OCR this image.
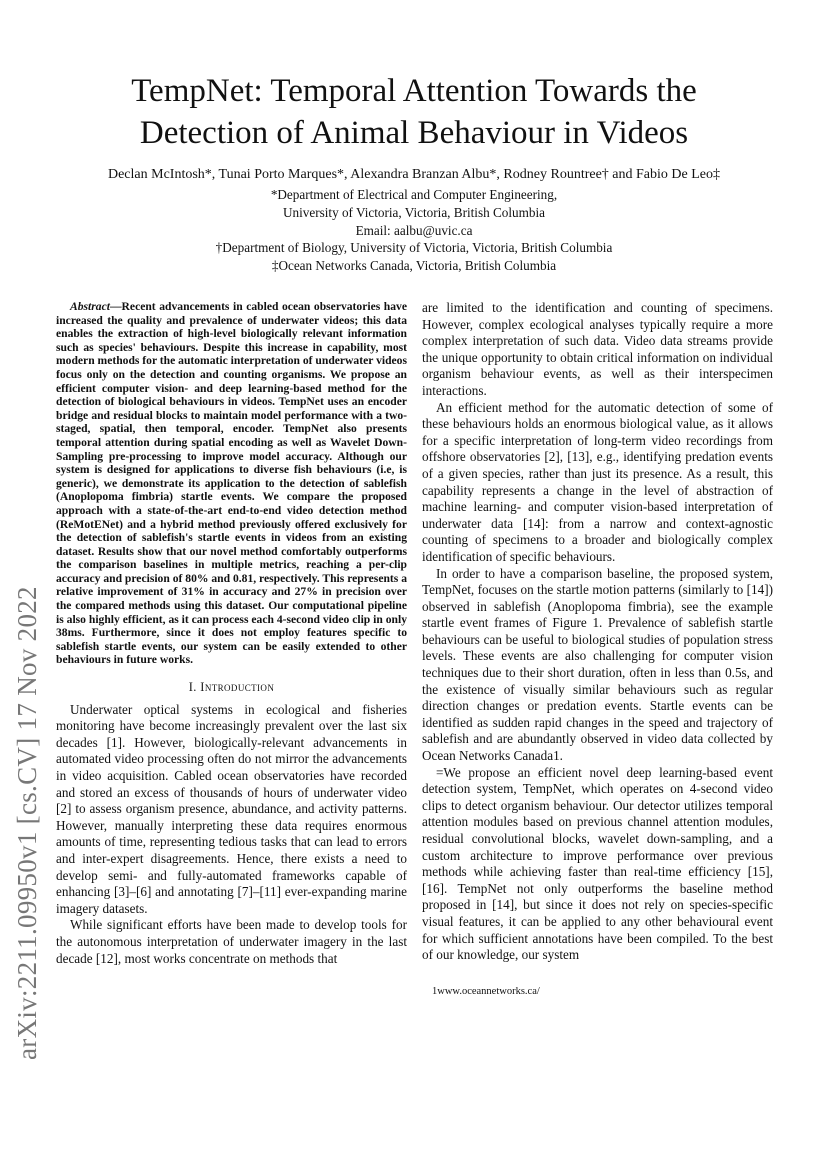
TempNet: Temporal Attention Towards the
Detection of Animal Behaviour in Videos
Declan McIntosh*, Tunai Porto Marques*, Alexandra Branzan Albu*, Rodney Rountree† and Fabio De Leo‡
*Department of Electrical and Computer Engineering,
University of Victoria, Victoria, British Columbia
Email: aalbu@uvic.ca
†Department of Biology, University of Victoria, Victoria, British Columbia
‡Ocean Networks Canada, Victoria, British Columbia
arXiv:2211.09950v1 [cs.CV] 17 Nov 2022

Abstract—Recent advancements in cabled ocean observatories have increased the quality and prevalence of underwater videos; this data enables the extraction of high-level biologically relevant information such as species' behaviours. Despite this increase in capability, most modern methods for the automatic interpretation of underwater videos focus only on the detection and counting organisms. We propose an efficient computer vision- and deep learning-based method for the detection of biological behaviours in videos. TempNet uses an encoder bridge and residual blocks to maintain model performance with a two-staged, spatial, then temporal, encoder. TempNet also presents temporal attention during spatial encoding as well as Wavelet Down-Sampling pre-processing to improve model accuracy. Although our system is designed for applications to diverse fish behaviours (i.e, is generic), we demonstrate its application to the detection of sablefish (Anoplopoma fimbria) startle events. We compare the proposed approach with a state-of-the-art end-to-end video detection method (ReMotENet) and a hybrid method previously offered exclusively for the detection of sablefish's startle events in videos from an existing dataset. Results show that our novel method comfortably outperforms the comparison baselines in multiple metrics, reaching a per-clip accuracy and precision of 80% and 0.81, respectively. This represents a relative improvement of 31% in accuracy and 27% in precision over the compared methods using this dataset. Our computational pipeline is also highly efficient, as it can process each 4-second video clip in only 38ms. Furthermore, since it does not employ features specific to sablefish startle events, our system can be easily extended to other behaviours in future works.

I. Introduction

Underwater optical systems in ecological and fisheries monitoring have become increasingly prevalent over the last six decades [1]. However, biologically-relevant advancements in automated video processing often do not mirror the advancements in video acquisition. Cabled ocean observatories have recorded and stored an excess of thousands of hours of underwater video [2] to assess organism presence, abundance, and activity patterns. However, manually interpreting these data requires enormous amounts of time, representing tedious tasks that can lead to errors and inter-expert disagreements. Hence, there exists a need to develop semi- and fully-automated frameworks capable of enhancing [3]–[6] and annotating [7]–[11] ever-expanding marine imagery datasets.

While significant efforts have been made to develop tools for the autonomous interpretation of underwater imagery in the last decade [12], most works concentrate on methods that

are limited to the identification and counting of specimens. However, complex ecological analyses typically require a more complex interpretation of such data. Video data streams provide the unique opportunity to obtain critical information on individual organism behaviour events, as well as their interspecimen interactions.

An efficient method for the automatic detection of some of these behaviours holds an enormous biological value, as it allows for a specific interpretation of long-term video recordings from offshore observatories [2], [13], e.g., identifying predation events of a given species, rather than just its presence. As a result, this capability represents a change in the level of abstraction of machine learning- and computer vision-based interpretation of underwater data [14]: from a narrow and context-agnostic counting of specimens to a broader and biologically complex identification of specific behaviours.

In order to have a comparison baseline, the proposed system, TempNet, focuses on the startle motion patterns (similarly to [14]) observed in sablefish (Anoplopoma fimbria), see the example startle event frames of Figure 1. Prevalence of sablefish startle behaviours can be useful to biological studies of population stress levels. These events are also challenging for computer vision techniques due to their short duration, often in less than 0.5s, and the existence of visually similar behaviours such as regular direction changes or predation events. Startle events can be identified as sudden rapid changes in the speed and trajectory of sablefish and are abundantly observed in video data collected by Ocean Networks Canada1.

=We propose an efficient novel deep learning-based event detection system, TempNet, which operates on 4-second video clips to detect organism behaviour. Our detector utilizes temporal attention modules based on previous channel attention modules, residual convolutional blocks, wavelet down-sampling, and a custom architecture to improve performance over previous methods while achieving faster than real-time efficiency [15], [16]. TempNet not only outperforms the baseline method proposed in [14], but since it does not rely on species-specific visual features, it can be applied to any other behavioural event for which sufficient annotations have been compiled. To the best of our knowledge, our system

1www.oceannetworks.ca/
